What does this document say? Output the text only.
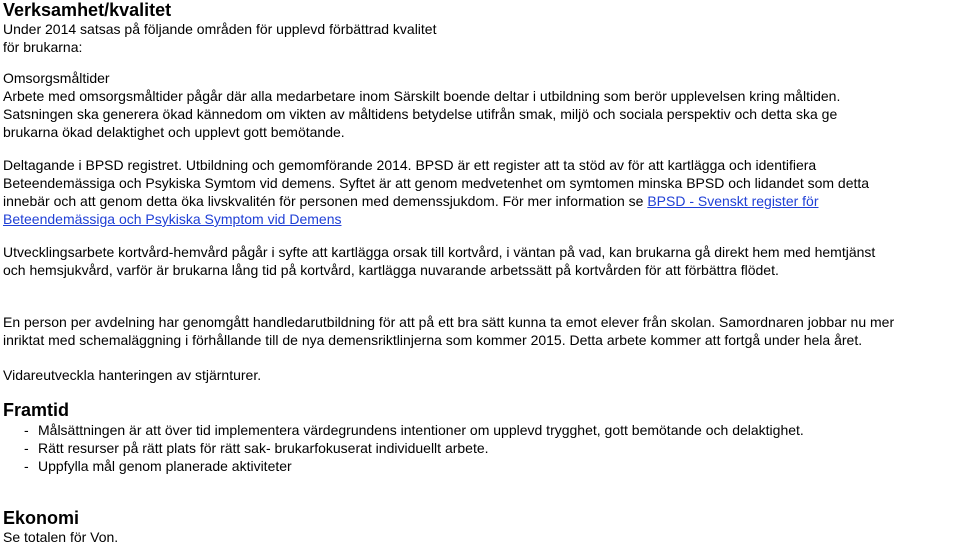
Verksamhet/kvalitet

Under 2014 satsas på följande områden för upplevd förbättrad kvalitet

för brukarna:

Omsorgsmåltider

Arbete med omsorgsmåltider pågår där alla medarbetare inom Särskilt boende deltar i utbildning som berör upplevelsen kring måltiden.

Satsningen ska generera ökad kännedom om vikten av måltidens betydelse utifrån smak, miljö och sociala perspektiv och detta ska ge

brukarna ökad delaktighet och upplevt gott bemötande.

Deltagande i BPSD registret. Utbildning och gemomförande 2014. BPSD är ett register att ta stöd av för att kartlägga och identifiera

Beteendemässiga och Psykiska Symtom vid demens. Syftet är att genom medvetenhet om symtomen minska BPSD och lidandet som detta

innebär och att genom detta öka livskvalitén för personen med demenssjukdom. För mer information se BPSD - Svenskt register för

Beteendemässiga och Psykiska Symptom vid Demens

Utvecklingsarbete kortvård-hemvård pågår i syfte att kartlägga orsak till kortvård, i väntan på vad, kan brukarna gå direkt hem med hemtjänst

och hemsjukvård, varför är brukarna lång tid på kortvård, kartlägga nuvarande arbetssätt på kortvården för att förbättra flödet.

En person per avdelning har genomgått handledarutbildning för att på ett bra sätt kunna ta emot elever från skolan. Samordnaren jobbar nu mer

inriktat med schemaläggning i förhållande till de nya demensriktlinjerna som kommer 2015. Detta arbete kommer att fortgå under hela året.

Vidareutveckla hanteringen av stjärnturer.

Framtid
- Målsättningen är att över tid implementera värdegrundens intentioner om upplevd trygghet, gott bemötande och delaktighet.
- Rätt resurser på rätt plats för rätt sak- brukarfokuserat individuellt arbete.
- Uppfylla mål genom planerade aktiviteter
Ekonomi

Se totalen för Von.
